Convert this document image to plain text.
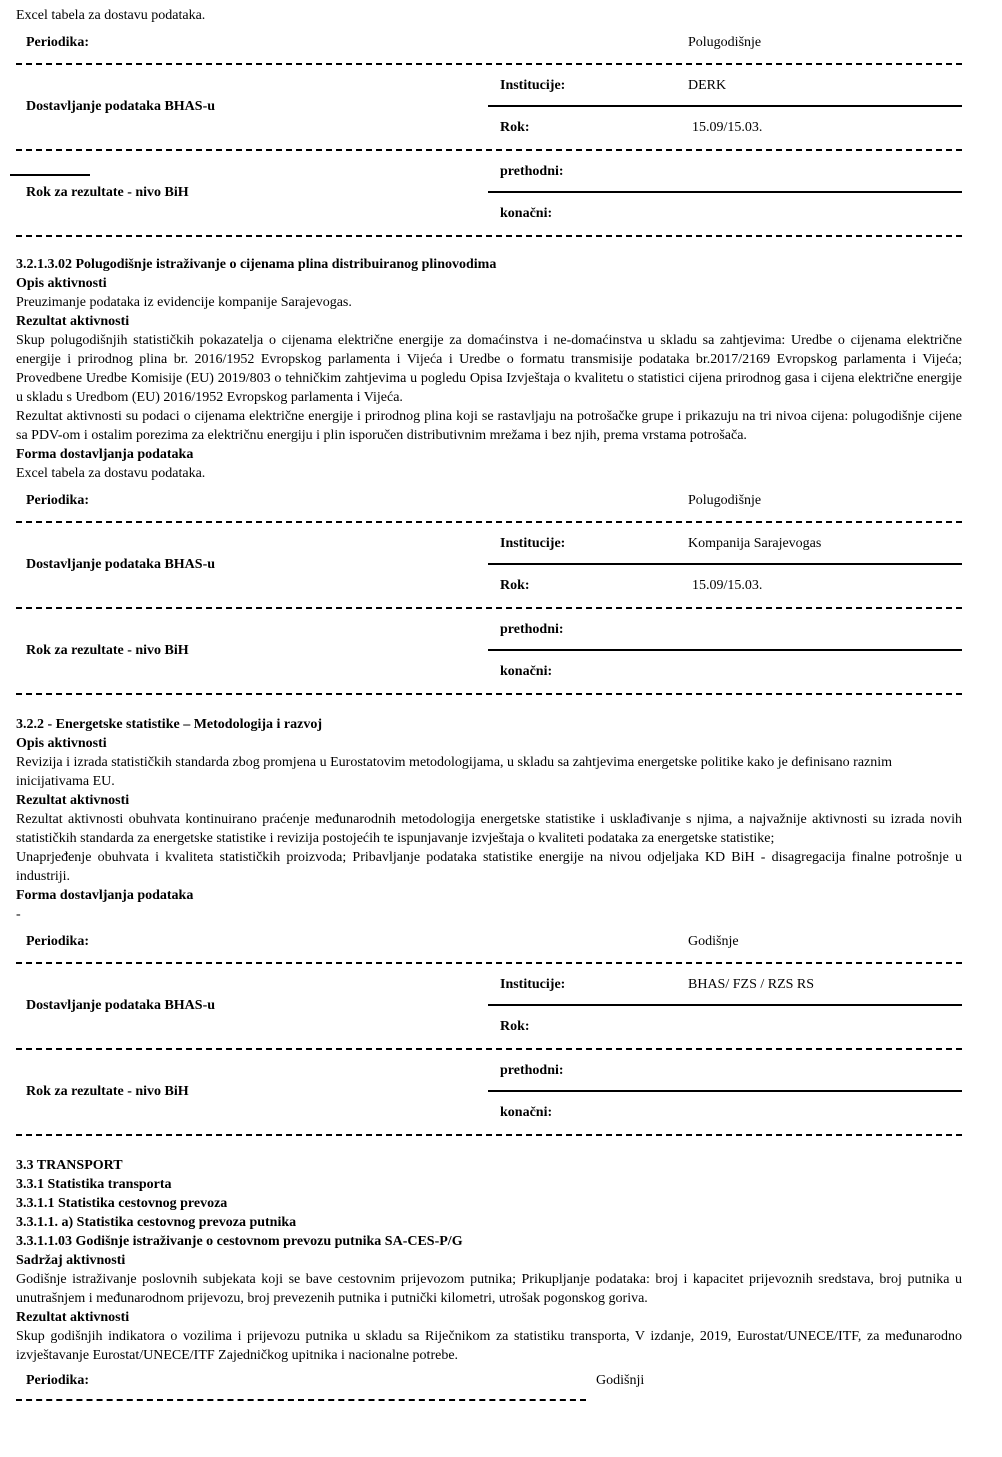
Excel tabela za dostavu podataka.

Periodika:	Polugodišnje
Dostavljanje podataka BHAS-u
Institucije:	DERK
Rok:	15.09/15.03.
Rok za rezultate - nivo BiH
prethodni:
konačni:

3.2.1.3.02 Polugodišnje istraživanje o cijenama plina distribuiranog plinovodima

Opis aktivnosti

Preuzimanje podataka iz evidencije kompanije Sarajevogas.

Rezultat aktivnosti

Skup polugodišnjih statističkih pokazatelja o cijenama električne energije za domaćinstva i ne-domaćinstva u skladu sa zahtjevima: Uredbe o cijenama električne energije i prirodnog plina br. 2016/1952 Evropskog parlamenta i Vijeća i Uredbe o formatu transmisije podataka br.2017/2169 Evropskog parlamenta i Vijeća; Provedbene Uredbe Komisije (EU) 2019/803 o tehničkim zahtjevima u pogledu Opisa Izvještaja o kvalitetu o statistici cijena prirodnog gasa i cijena električne energije u skladu s Uredbom (EU) 2016/1952 Evropskog parlamenta i Vijeća.

Rezultat aktivnosti su podaci o cijenama električne energije i prirodnog plina koji se rastavljaju na potrošačke grupe i prikazuju na tri nivoa cijena: polugodišnje cijene sa PDV-om i ostalim porezima za električnu energiju i plin isporučen distributivnim mrežama i bez njih, prema vrstama potrošača.

Forma dostavljanja podataka

Excel tabela za dostavu podataka.

Periodika:	Polugodišnje
Dostavljanje podataka BHAS-u
Institucije:	Kompanija Sarajevogas
Rok:	15.09/15.03.
Rok za rezultate - nivo BiH
prethodni:
konačni:

3.2.2 - Energetske statistike – Metodologija i razvoj

Opis aktivnosti

Revizija i izrada statističkih standarda zbog promjena u Eurostatovim metodologijama, u skladu sa zahtjevima energetske politike kako je definisano raznim inicijativama EU.

Rezultat aktivnosti

Rezultat aktivnosti obuhvata kontinuirano praćenje međunarodnih metodologija energetske statistike i usklađivanje s njima, a najvažnije aktivnosti su izrada novih statističkih standarda za energetske statistike i revizija postojećih te ispunjavanje izvještaja o kvaliteti podataka za energetske statistike;

Unaprjeđenje obuhvata i kvaliteta statističkih proizvoda; Pribavljanje podataka statistike energije na nivou odjeljaka KD BiH - disagregacija finalne potrošnje u industriji.

Forma dostavljanja podataka

-

Periodika:	Godišnje
Dostavljanje podataka BHAS-u
Institucije:	BHAS/ FZS / RZS RS
Rok:
Rok za rezultate - nivo BiH
prethodni:
konačni:

3.3 TRANSPORT

3.3.1 Statistika transporta

3.3.1.1 Statistika cestovnog prevoza

3.3.1.1. a) Statistika cestovnog prevoza putnika

3.3.1.1.03 Godišnje istraživanje o cestovnom prevozu putnika SA-CES-P/G

Sadržaj aktivnosti

Godišnje istraživanje poslovnih subjekata koji se bave cestovnim prijevozom putnika; Prikupljanje podataka: broj i kapacitet prijevoznih sredstava, broj putnika u unutrašnjem i međunarodnom prijevozu, broj prevezenih putnika i putnički kilometri, utrošak pogonskog goriva.

Rezultat aktivnosti

Skup godišnjih indikatora o vozilima i prijevozu putnika u skladu sa Riječnikom za statistiku transporta, V izdanje, 2019, Eurostat/UNECE/ITF, za međunarodno izvještavanje Eurostat/UNECE/ITF Zajedničkog upitnika i nacionalne potrebe.

Periodika:	Godišnji
